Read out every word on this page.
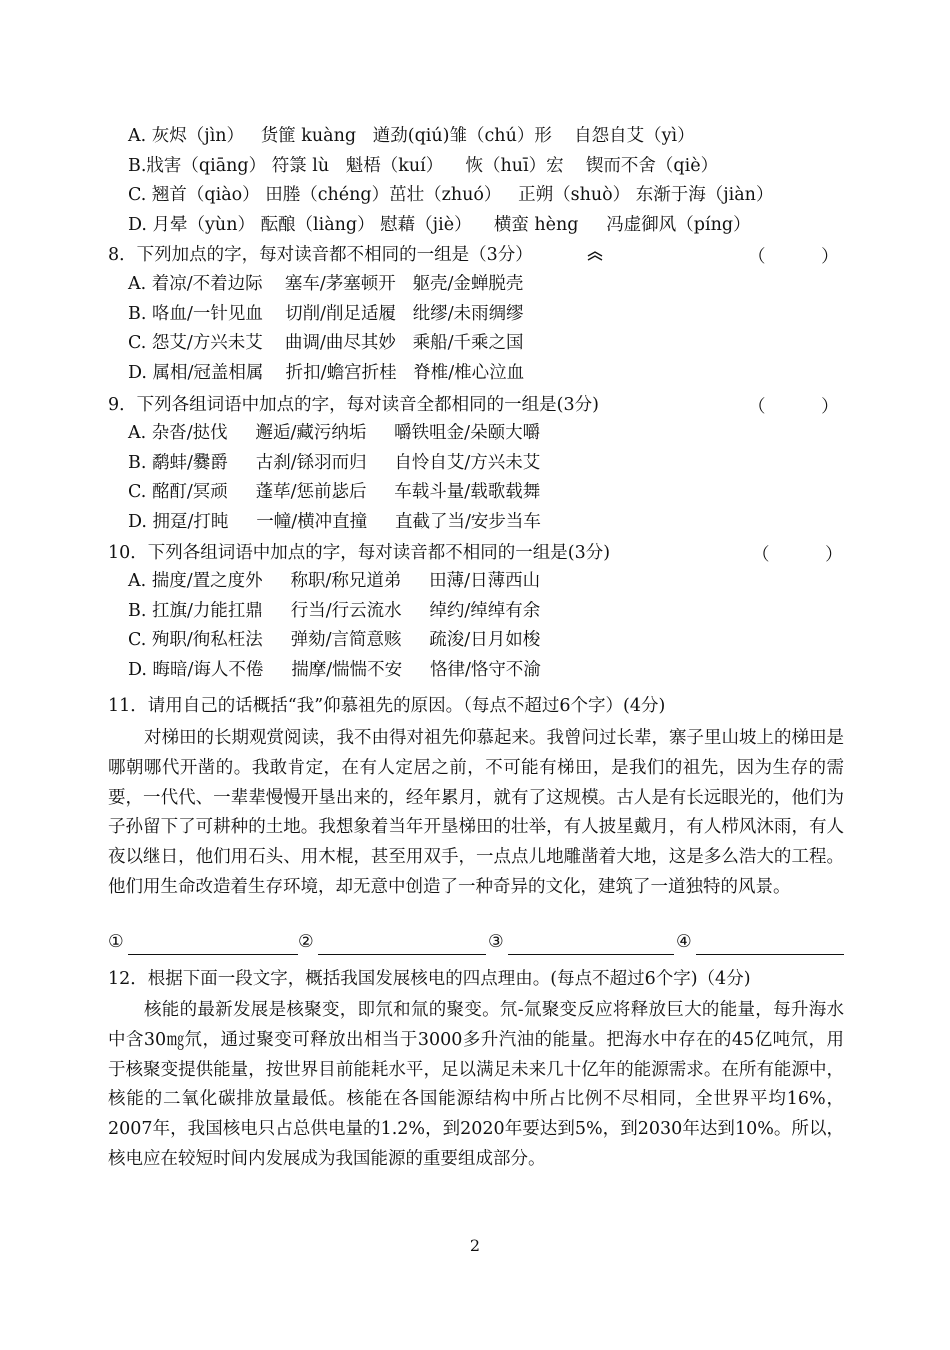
A. 灰烬（jìn）   货篚 kuàng   遒劲(qiú)雏（chú）形    自怨自艾（yì）
B.戕害（qiāng） 符箓 lù   魁梧（kuí）    恢（huī）宏    锲而不舍（qiè）
C. 翘首（qiào） 田塍（chéng）茁壮（zhuó）   正朔（shuò） 东渐于海（jiàn）
D. 月晕（yùn） 酝酿（liàng） 慰藉（jiè）    横蛮 hèng     冯虚御风（píng）
8．下列加点的字，每对读音都不相同的一组是（3分）	（          ）
A. 着凉/不着边际    塞车/茅塞顿开   躯壳/金蝉脱壳
B. 咯血/一针见血    切削/削足适履   纰缪/未雨绸缪
C. 怨艾/方兴未艾    曲调/曲尽其妙   乘船/千乘之国
D. 属相/冠盖相属    折扣/蟾宫折桂   脊椎/椎心泣血
9．下列各组词语中加点的字，每对读音全都相同的一组是(3分)	（          ）
A. 杂沓/挞伐     邂逅/藏污纳垢     嚼铁咀金/朵颐大嚼
B. 鹬蚌/爨爵     古刹/铩羽而归     自怜自艾/方兴未艾
C. 酩酊/冥顽     蓬荜/惩前毖后     车载斗量/载歌载舞
D. 拥趸/打盹     一幢/横冲直撞     直截了当/安步当车
10．下列各组词语中加点的字，每对读音都不相同的一组是(3分)	（          ）
A. 揣度/置之度外     称职/称兄道弟     田薄/日薄西山
B. 扛旗/力能扛鼎     行当/行云流水     绰约/绰绰有余
C. 殉职/徇私枉法     弹劾/言简意赅     疏浚/日月如梭
D. 晦暗/诲人不倦     揣摩/惴惴不安     恪律/恪守不渝
11．请用自己的话概括“我”仰慕祖先的原因。（每点不超过6个字）(4分)
对梯田的长期观赏阅读，我不由得对祖先仰慕起来。我曾问过长辈，寨子里山坡上的梯田是哪朝哪代开凿的。我敢肯定，在有人定居之前，不可能有梯田，是我们的祖先，因为生存的需要，一代代、一辈辈慢慢开垦出来的，经年累月，就有了这规模。古人是有长远眼光的，他们为子孙留下了可耕种的土地。我想象着当年开垦梯田的壮举，有人披星戴月，有人栉风沐雨，有人夜以继日，他们用石头、用木棍，甚至用双手，一点点儿地雕凿着大地，这是多么浩大的工程。他们用生命改造着生存环境，却无意中创造了一种奇异的文化，建筑了一道独特的风景。
①	②	③	④
12．根据下面一段文字，概括我国发展核电的四点理由。(每点不超过6个字)（4分)
核能的最新发展是核聚变，即氘和氚的聚变。氘-氚聚变反应将释放巨大的能量，每升海水中含30㎎氘，通过聚变可释放出相当于3000多升汽油的能量。把海水中存在的45亿吨氘，用于核聚变提供能量，按世界目前能耗水平，足以满足未来几十亿年的能源需求。在所有能源中，核能的二氧化碳排放量最低。核能在各国能源结构中所占比例不尽相同，全世界平均16%，2007年，我国核电只占总供电量的1.2%，到2020年要达到5%，到2030年达到10%。所以，核电应在较短时间内发展成为我国能源的重要组成部分。
2
